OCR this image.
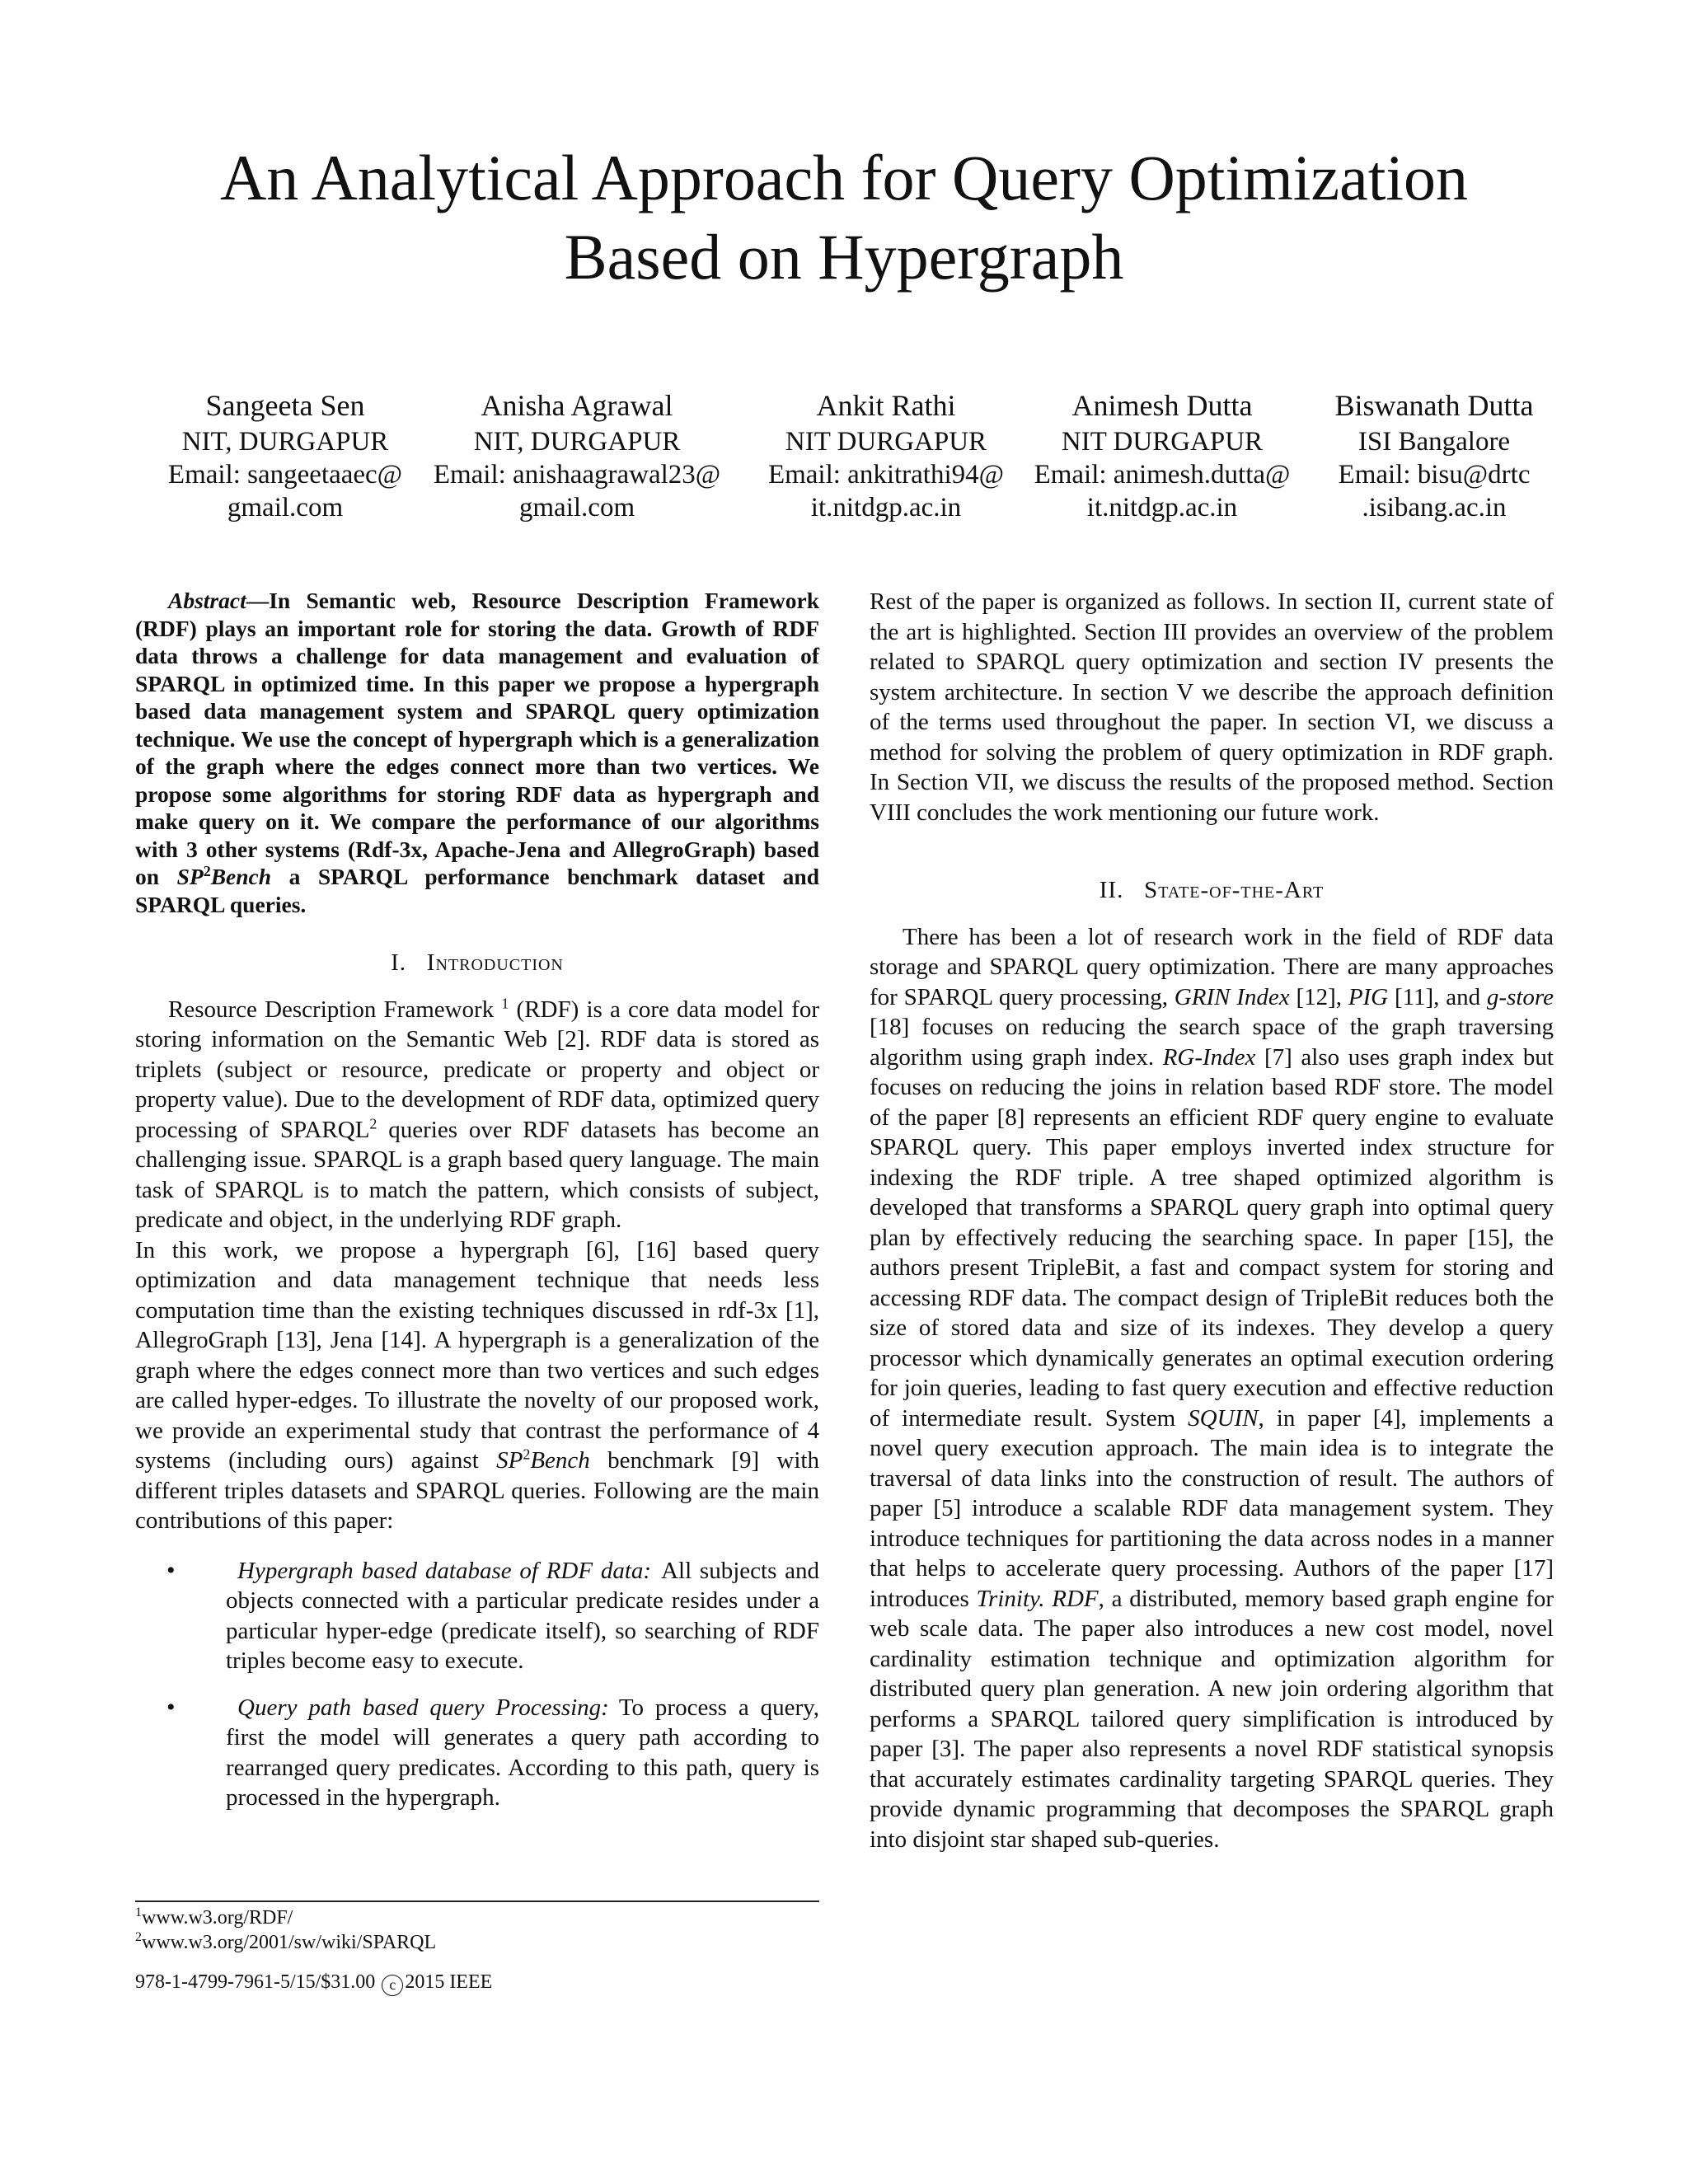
An Analytical Approach for Query Optimization
Based on Hypergraph
Sangeeta Sen
NIT, DURGAPUR
Email: sangeetaaec@
gmail.com
Anisha Agrawal
NIT, DURGAPUR
Email: anishaagrawal23@
gmail.com
Ankit Rathi
NIT DURGAPUR
Email: ankitrathi94@
it.nitdgp.ac.in
Animesh Dutta
NIT DURGAPUR
Email: animesh.dutta@
it.nitdgp.ac.in
Biswanath Dutta
ISI Bangalore
Email: bisu@drtc
.isibang.ac.in

Abstract—In Semantic web, Resource Description Framework (RDF) plays an important role for storing the data. Growth of RDF data throws a challenge for data management and evaluation of SPARQL in optimized time. In this paper we propose a hypergraph based data management system and SPARQL query optimization technique. We use the concept of hypergraph which is a generalization of the graph where the edges connect more than two vertices. We propose some algorithms for storing RDF data as hypergraph and make query on it. We compare the performance of our algorithms with 3 other systems (Rdf-3x, Apache-Jena and AllegroGraph) based on $SP^2Bench$ a SPARQL performance benchmark dataset and SPARQL queries.

I. Introduction

Resource Description Framework $^1$ (RDF) is a core data model for storing information on the Semantic Web [2]. RDF data is stored as triplets (subject or resource, predicate or property and object or property value). Due to the development of RDF data, optimized query processing of SPARQL$^2$ queries over RDF datasets has become an challenging issue. SPARQL is a graph based query language. The main task of SPARQL is to match the pattern, which consists of subject, predicate and object, in the underlying RDF graph.

In this work, we propose a hypergraph [6], [16] based query optimization and data management technique that needs less computation time than the existing techniques discussed in rdf-3x [1], AllegroGraph [13], Jena [14]. A hypergraph is a generalization of the graph where the edges connect more than two vertices and such edges are called hyper-edges. To illustrate the novelty of our proposed work, we provide an experimental study that contrast the performance of 4 systems (including ours) against $SP^2Bench$ benchmark [9] with different triples datasets and SPARQL queries. Following are the main contributions of this paper:

•	Hypergraph based database of RDF data: All subjects and objects connected with a particular predicate resides under a particular hyper-edge (predicate itself), so searching of RDF triples become easy to execute.
•	Query path based query Processing: To process a query, first the model will generates a query path according to rearranged query predicates. According to this path, query is processed in the hypergraph.
$^1$www.w3.org/RDF/
$^2$www.w3.org/2001/sw/wiki/SPARQL
978-1-4799-7961-5/15/$31.00 c 2015 IEEE

Rest of the paper is organized as follows. In section II, current state of the art is highlighted. Section III provides an overview of the problem related to SPARQL query optimization and section IV presents the system architecture. In section V we describe the approach definition of the terms used throughout the paper. In section VI, we discuss a method for solving the problem of query optimization in RDF graph. In Section VII, we discuss the results of the proposed method. Section VIII concludes the work mentioning our future work.

II. State-of-the-Art

There has been a lot of research work in the field of RDF data storage and SPARQL query optimization. There are many approaches for SPARQL query processing, GRIN Index [12], PIG [11], and g-store [18] focuses on reducing the search space of the graph traversing algorithm using graph index. RG-Index [7] also uses graph index but focuses on reducing the joins in relation based RDF store. The model of the paper [8] represents an efficient RDF query engine to evaluate SPARQL query. This paper employs inverted index structure for indexing the RDF triple. A tree shaped optimized algorithm is developed that transforms a SPARQL query graph into optimal query plan by effectively reducing the searching space. In paper [15], the authors present TripleBit, a fast and compact system for storing and accessing RDF data. The compact design of TripleBit reduces both the size of stored data and size of its indexes. They develop a query processor which dynamically generates an optimal execution ordering for join queries, leading to fast query execution and effective reduction of intermediate result. System SQUIN, in paper [4], implements a novel query execution approach. The main idea is to integrate the traversal of data links into the construction of result. The authors of paper [5] introduce a scalable RDF data management system. They introduce techniques for partitioning the data across nodes in a manner that helps to accelerate query processing. Authors of the paper [17] introduces Trinity. RDF, a distributed, memory based graph engine for web scale data. The paper also introduces a new cost model, novel cardinality estimation technique and optimization algorithm for distributed query plan generation. A new join ordering algorithm that performs a SPARQL tailored query simplification is introduced by paper [3]. The paper also represents a novel RDF statistical synopsis that accurately estimates cardinality targeting SPARQL queries. They provide dynamic programming that decomposes the SPARQL graph into disjoint star shaped sub-queries.
